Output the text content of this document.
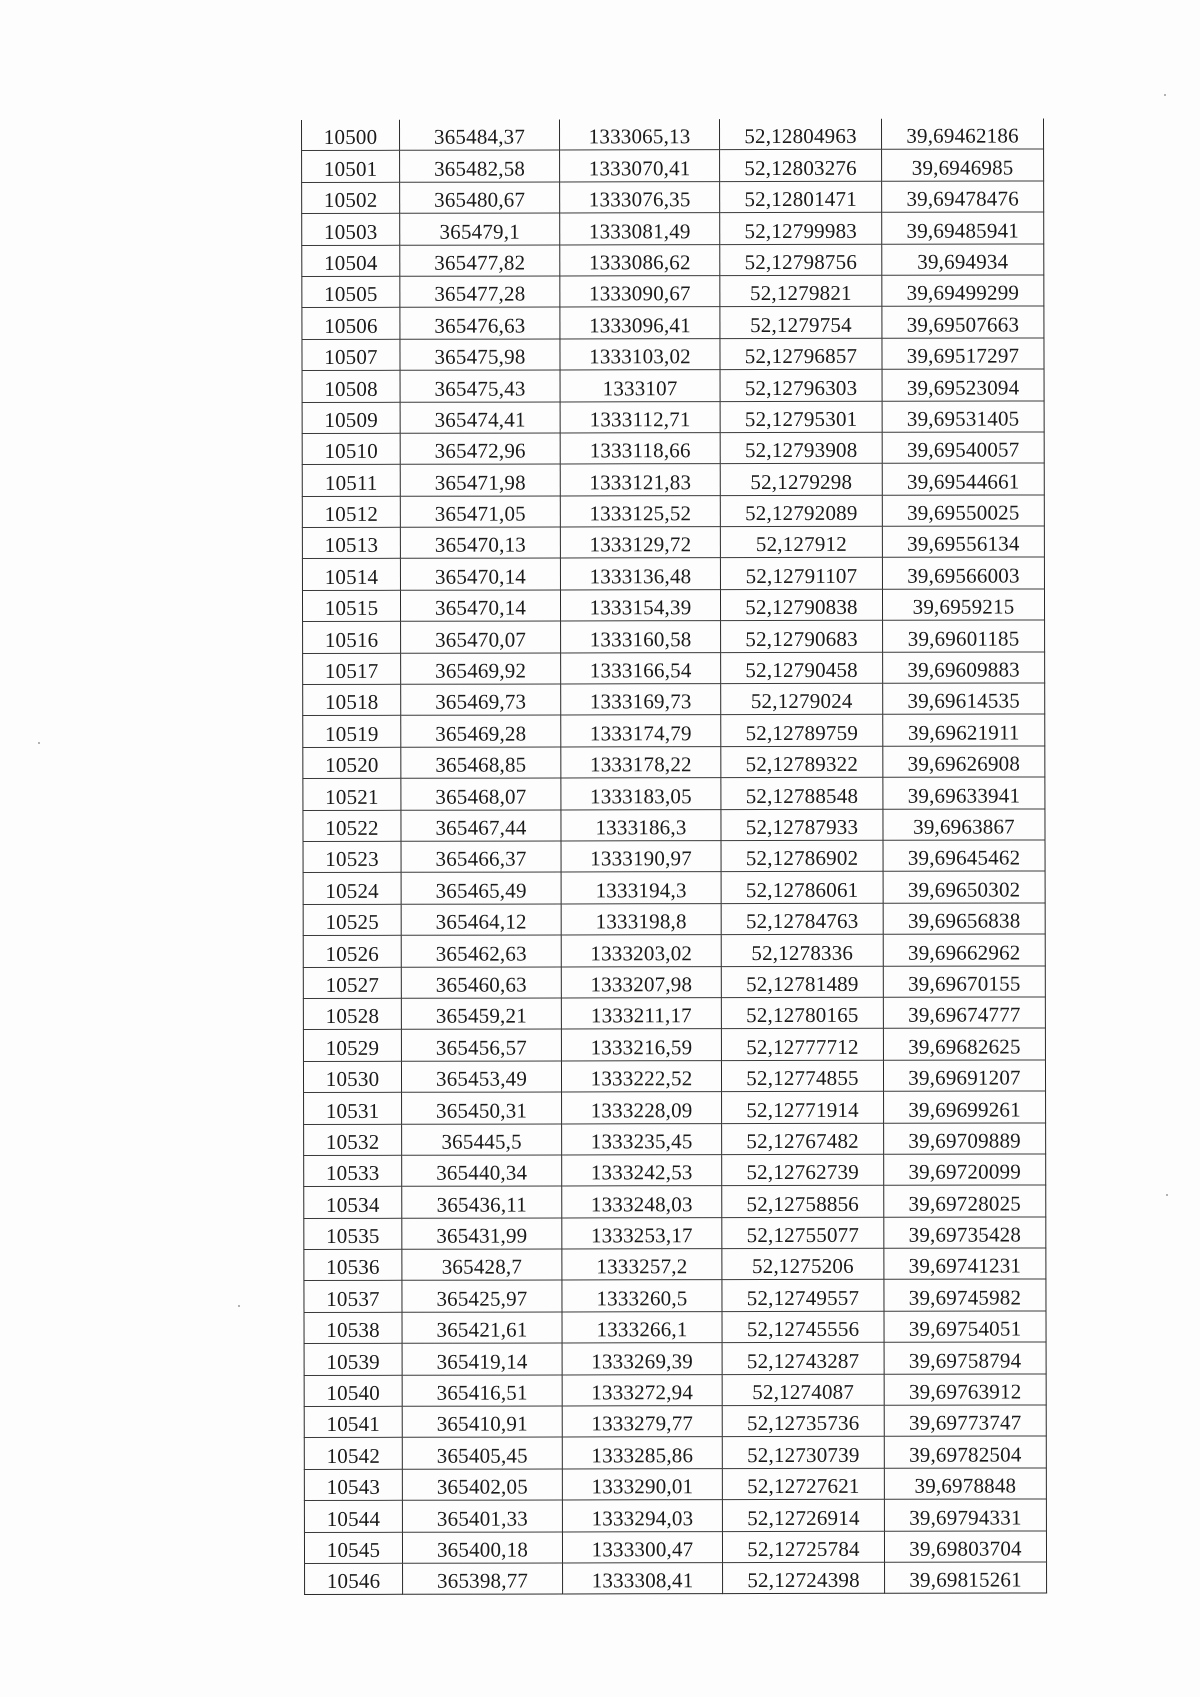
10500	365484,37	1333065,13	52,12804963	39,69462186
10501	365482,58	1333070,41	52,12803276	39,6946985
10502	365480,67	1333076,35	52,12801471	39,69478476
10503	365479,1	1333081,49	52,12799983	39,69485941
10504	365477,82	1333086,62	52,12798756	39,694934
10505	365477,28	1333090,67	52,1279821	39,69499299
10506	365476,63	1333096,41	52,1279754	39,69507663
10507	365475,98	1333103,02	52,12796857	39,69517297
10508	365475,43	1333107	52,12796303	39,69523094
10509	365474,41	1333112,71	52,12795301	39,69531405
10510	365472,96	1333118,66	52,12793908	39,69540057
10511	365471,98	1333121,83	52,1279298	39,69544661
10512	365471,05	1333125,52	52,12792089	39,69550025
10513	365470,13	1333129,72	52,127912	39,69556134
10514	365470,14	1333136,48	52,12791107	39,69566003
10515	365470,14	1333154,39	52,12790838	39,6959215
10516	365470,07	1333160,58	52,12790683	39,69601185
10517	365469,92	1333166,54	52,12790458	39,69609883
10518	365469,73	1333169,73	52,1279024	39,69614535
10519	365469,28	1333174,79	52,12789759	39,69621911
10520	365468,85	1333178,22	52,12789322	39,69626908
10521	365468,07	1333183,05	52,12788548	39,69633941
10522	365467,44	1333186,3	52,12787933	39,6963867
10523	365466,37	1333190,97	52,12786902	39,69645462
10524	365465,49	1333194,3	52,12786061	39,69650302
10525	365464,12	1333198,8	52,12784763	39,69656838
10526	365462,63	1333203,02	52,1278336	39,69662962
10527	365460,63	1333207,98	52,12781489	39,69670155
10528	365459,21	1333211,17	52,12780165	39,69674777
10529	365456,57	1333216,59	52,12777712	39,69682625
10530	365453,49	1333222,52	52,12774855	39,69691207
10531	365450,31	1333228,09	52,12771914	39,69699261
10532	365445,5	1333235,45	52,12767482	39,69709889
10533	365440,34	1333242,53	52,12762739	39,69720099
10534	365436,11	1333248,03	52,12758856	39,69728025
10535	365431,99	1333253,17	52,12755077	39,69735428
10536	365428,7	1333257,2	52,1275206	39,69741231
10537	365425,97	1333260,5	52,12749557	39,69745982
10538	365421,61	1333266,1	52,12745556	39,69754051
10539	365419,14	1333269,39	52,12743287	39,69758794
10540	365416,51	1333272,94	52,1274087	39,69763912
10541	365410,91	1333279,77	52,12735736	39,69773747
10542	365405,45	1333285,86	52,12730739	39,69782504
10543	365402,05	1333290,01	52,12727621	39,6978848
10544	365401,33	1333294,03	52,12726914	39,69794331
10545	365400,18	1333300,47	52,12725784	39,69803704
10546	365398,77	1333308,41	52,12724398	39,69815261
